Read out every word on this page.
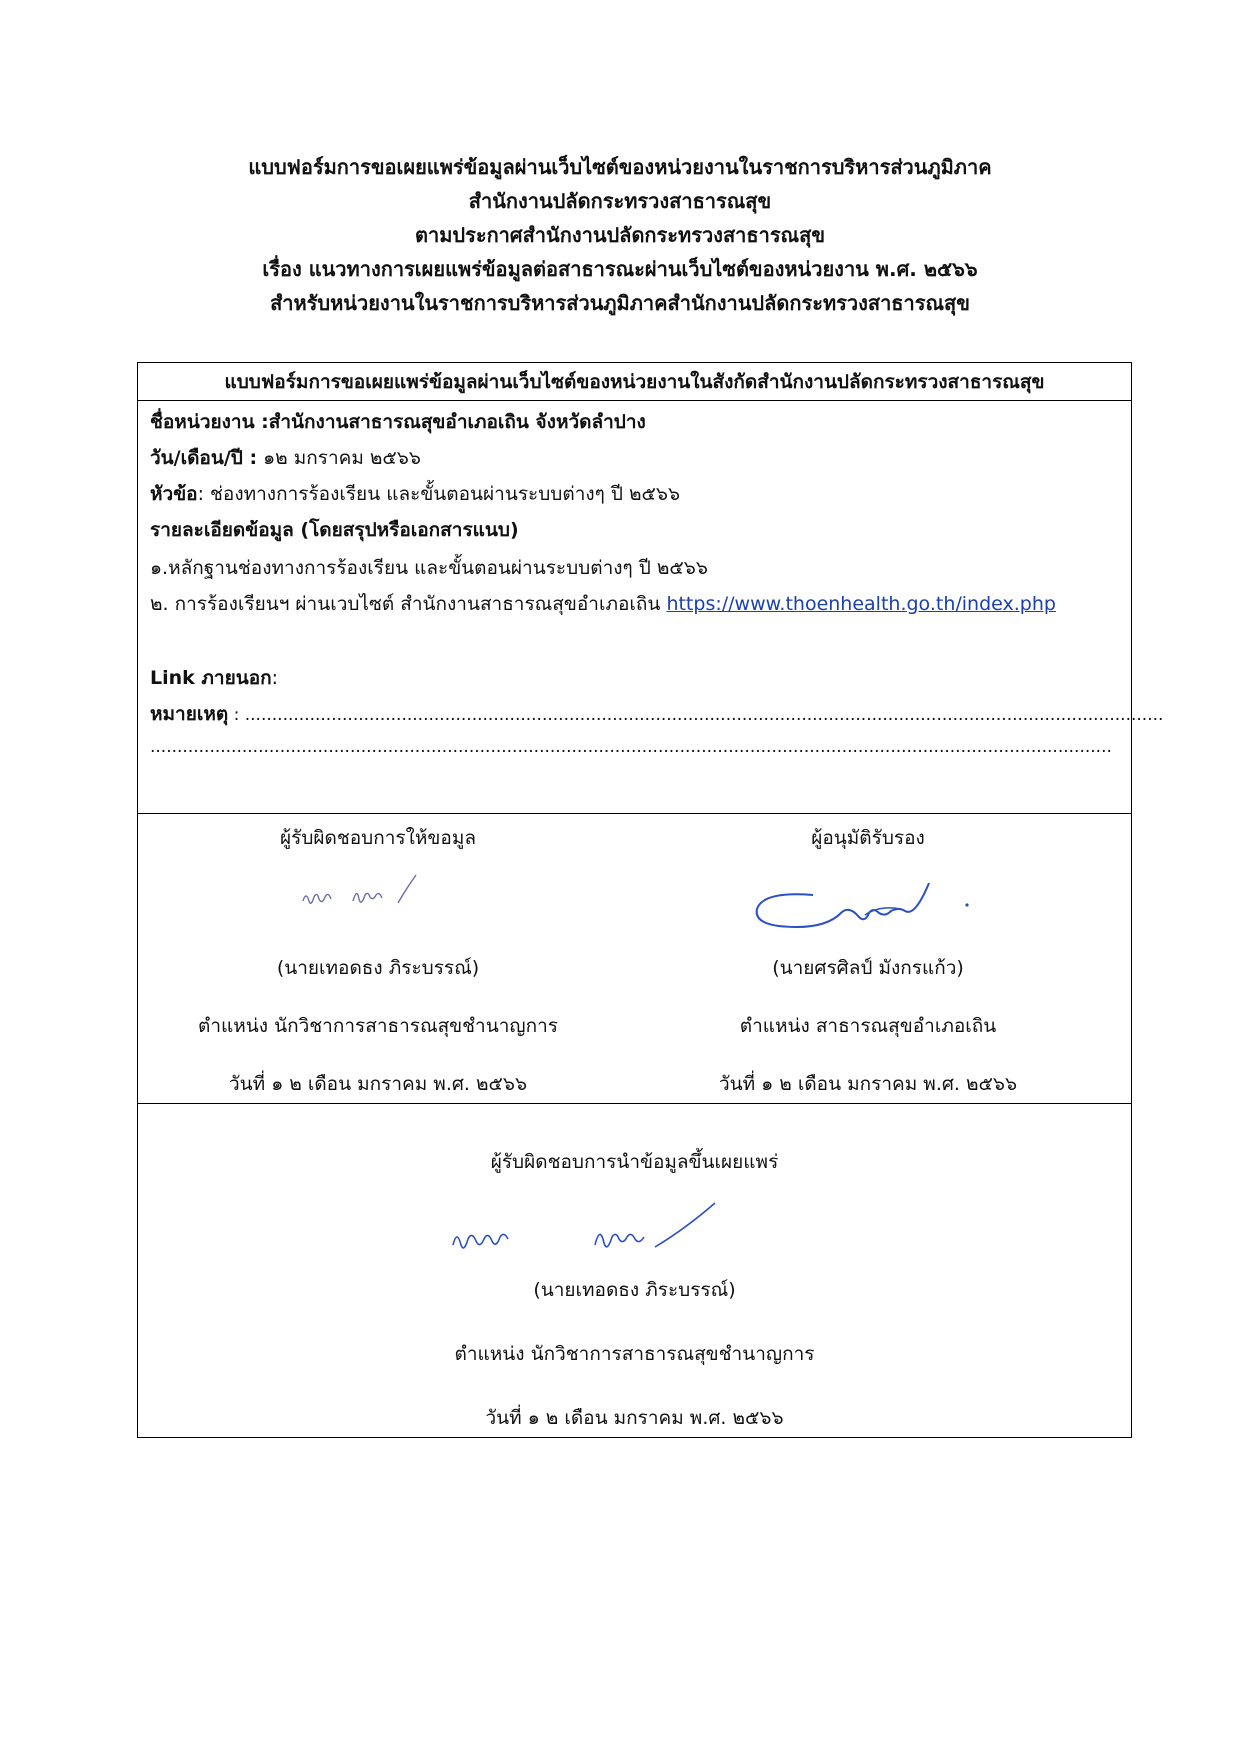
แบบฟอร์มการขอเผยแพร่ข้อมูลผ่านเว็บไซต์ของหน่วยงานในราชการบริหารส่วนภูมิภาค
สำนักงานปลัดกระทรวงสาธารณสุข
ตามประกาศสำนักงานปลัดกระทรวงสาธารณสุข
เรื่อง แนวทางการเผยแพร่ข้อมูลต่อสาธารณะผ่านเว็บไซต์ของหน่วยงาน พ.ศ. ๒๕๖๖
สำหรับหน่วยงานในราชการบริหารส่วนภูมิภาคสำนักงานปลัดกระทรวงสาธารณสุข
แบบฟอร์มการขอเผยแพร่ข้อมูลผ่านเว็บไซต์ของหน่วยงานในสังกัดสำนักงานปลัดกระทรวงสาธารณสุข
ชื่อหน่วยงาน :สำนักงานสาธารณสุขอำเภอเถิน จังหวัดลำปาง
วัน/เดือน/ปี : ๑๒ มกราคม ๒๕๖๖
หัวข้อ: ช่องทางการร้องเรียน และขั้นตอนผ่านระบบต่างๆ ปี ๒๕๖๖
รายละเอียดข้อมูล (โดยสรุปหรือเอกสารแนบ)
๑.หลักฐานช่องทางการร้องเรียน และขั้นตอนผ่านระบบต่างๆ ปี ๒๕๖๖
๒. การร้องเรียนฯ ผ่านเวบไซต์ สำนักงานสาธารณสุขอำเภอเถิน https://www.thoenhealth.go.th/index.php
Link ภายนอก:
หมายเหตุ : ..........................................................................................................................................................................
..................................................................................................................................................................................
ผู้รับผิดชอบการให้ขอมูล
(นายเทอดธง ภิระบรรณ์)
ตำแหน่ง นักวิชาการสาธารณสุขชำนาญการ
วันที่ ๑ ๒ เดือน มกราคม พ.ศ. ๒๕๖๖
ผู้อนุมัติรับรอง
(นายศรศิลป์ มังกรแก้ว)
ตำแหน่ง สาธารณสุขอำเภอเถิน
วันที่ ๑ ๒ เดือน มกราคม พ.ศ. ๒๕๖๖
ผู้รับผิดชอบการนำข้อมูลขึ้นเผยแพร่
(นายเทอดธง ภิระบรรณ์)
ตำแหน่ง นักวิชาการสาธารณสุขชำนาญการ
วันที่ ๑ ๒ เดือน มกราคม พ.ศ. ๒๕๖๖
